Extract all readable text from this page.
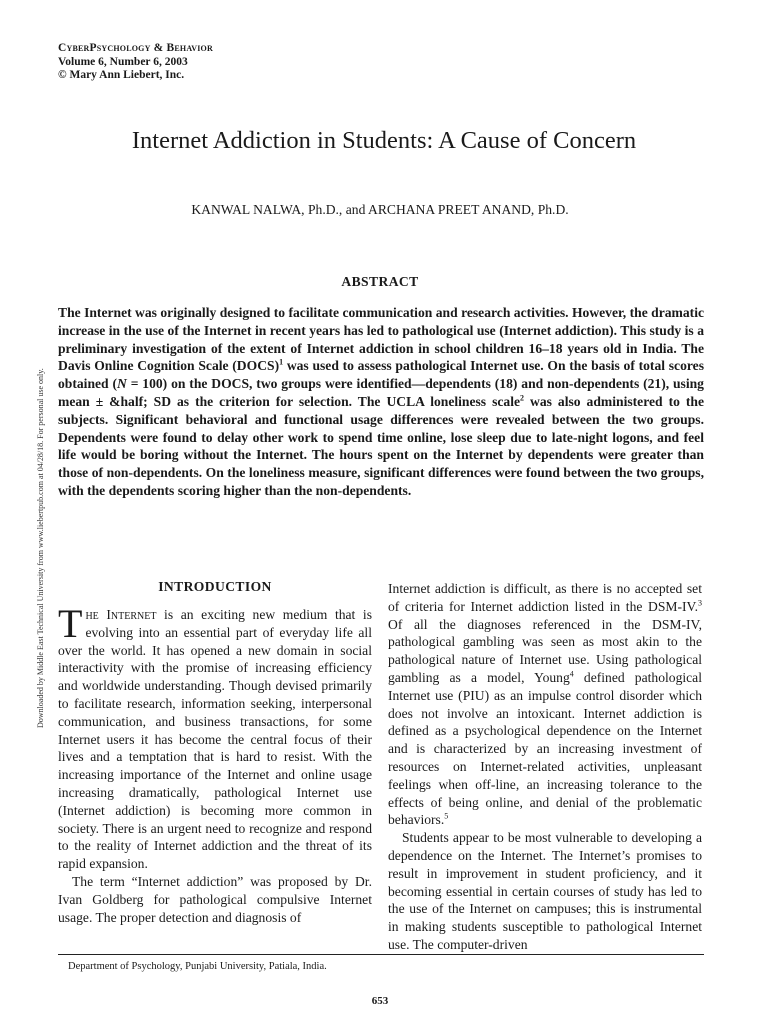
CyberPsychology & Behavior
Volume 6, Number 6, 2003
© Mary Ann Liebert, Inc.
Downloaded by Middle East Technical University from www.liebertpub.com at 04/28/18. For personal use only.
Internet Addiction in Students: A Cause of Concern
KANWAL NALWA, Ph.D., and ARCHANA PREET ANAND, Ph.D.
ABSTRACT

The Internet was originally designed to facilitate communication and research activities. However, the dramatic increase in the use of the Internet in recent years has led to pathological use (Internet addiction). This study is a preliminary investigation of the extent of Internet addiction in school children 16–18 years old in India. The Davis Online Cognition Scale (DOCS)$^1$ was used to assess pathological Internet use. On the basis of total scores obtained (N = 100) on the DOCS, two groups were identified—dependents (18) and non-dependents (21), using mean ± &half; SD as the criterion for selection. The UCLA loneliness scale$^2$ was also administered to the subjects. Significant behavioral and functional usage differences were revealed between the two groups. Dependents were found to delay other work to spend time online, lose sleep due to late-night logons, and feel life would be boring without the Internet. The hours spent on the Internet by dependents were greater than those of non-dependents. On the loneliness measure, significant differences were found between the two groups, with the dependents scoring higher than the non-dependents.

INTRODUCTION

The Internet is an exciting new medium that is evolving into an essential part of everyday life all over the world. It has opened a new domain in social interactivity with the promise of increasing efficiency and worldwide understanding. Though devised primarily to facilitate research, information seeking, interpersonal communication, and business transactions, for some Internet users it has become the central focus of their lives and a temptation that is hard to resist. With the increasing importance of the Internet and online usage increasing dramatically, pathological Internet use (Internet addiction) is becoming more common in society. There is an urgent need to recognize and respond to the reality of Internet addiction and the threat of its rapid expansion.

The term “Internet addiction” was proposed by Dr. Ivan Goldberg for pathological compulsive Internet usage. The proper detection and diagnosis of

Internet addiction is difficult, as there is no accepted set of criteria for Internet addiction listed in the DSM-IV.$^3$ Of all the diagnoses referenced in the DSM-IV, pathological gambling was seen as most akin to the pathological nature of Internet use. Using pathological gambling as a model, Young$^4$ defined pathological Internet use (PIU) as an impulse control disorder which does not involve an intoxicant. Internet addiction is defined as a psychological dependence on the Internet and is characterized by an increasing investment of resources on Internet-related activities, unpleasant feelings when off-line, an increasing tolerance to the effects of being online, and denial of the problematic behaviors.$^5$

Students appear to be most vulnerable to developing a dependence on the Internet. The Internet’s promises to result in improvement in student proficiency, and it becoming essential in certain courses of study has led to the use of the Internet on campuses; this is instrumental in making students susceptible to pathological Internet use. The computer-driven

Department of Psychology, Punjabi University, Patiala, India.
653
